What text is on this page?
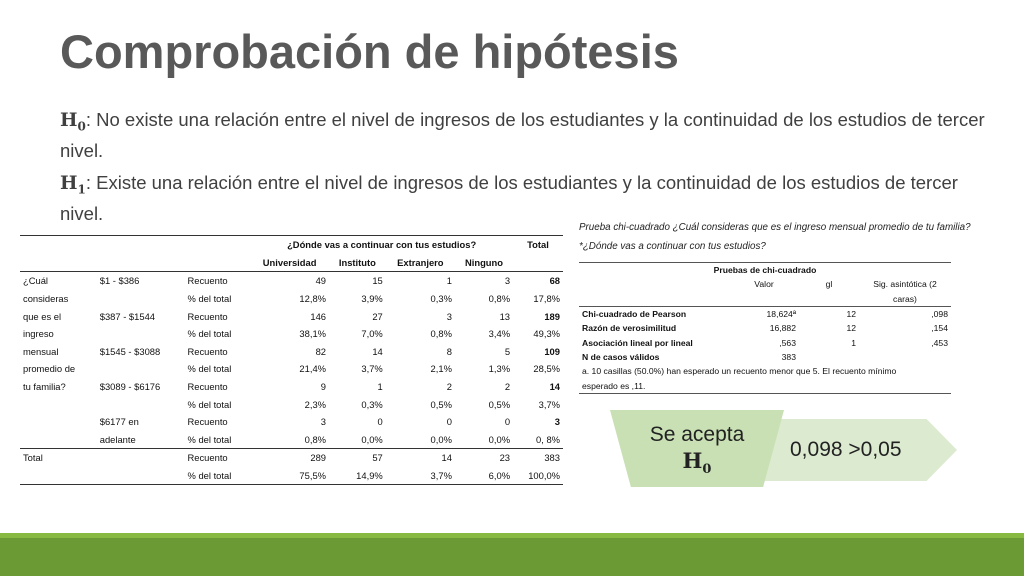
Comprobación de hipótesis
$H_0$: No existe una relación entre el nivel de ingresos de los estudiantes y la continuidad de los estudios de tercer nivel.
$H_1$: Existe una relación entre el nivel de ingresos de los estudiantes y la continuidad de los estudios de tercer nivel.
			¿Dónde vas a continuar con tus estudios?				Total
			Universidad	Instituto	Extranjero	Ninguno	
¿Cuál	$1 - $386	Recuento	49	15	1	3	68
consideras		% del total	12,8%	3,9%	0,3%	0,8%	17,8%
que es el	$387 - $1544	Recuento	146	27	3	13	189
ingreso		% del total	38,1%	7,0%	0,8%	3,4%	49,3%
mensual	$1545 - $3088	Recuento	82	14	8	5	109
promedio de		% del total	21,4%	3,7%	2,1%	1,3%	28,5%
tu familia?	$3089 - $6176	Recuento	9	1	2	2	14
		% del total	2,3%	0,3%	0,5%	0,5%	3,7%
	$6177 en	Recuento	3	0	0	0	3
	adelante	% del total	0,8%	0,0%	0,0%	0,0%	0, 8%
Total		Recuento	289	57	14	23	383
		% del total	75,5%	14,9%	3,7%	6,0%	100,0%
Prueba chi-cuadrado ¿Cuál consideras que es el ingreso mensual promedio de tu familia?
*¿Dónde vas a continuar con tus estudios?
Pruebas de chi-cuadrado			
	Valor	gl	Sig. asintótica (2
			caras)
Chi-cuadrado de Pearson	18,624ª	12	,098
Razón de verosimilitud	16,882	12	,154
Asociación lineal por lineal	,563	1	,453
N de casos válidos	383		
a. 10 casillas (50.0%) han esperado un recuento menor que 5. El recuento mínimo			
esperado es ,11.			
0,098 >0,05
Se acepta
$H_0$
